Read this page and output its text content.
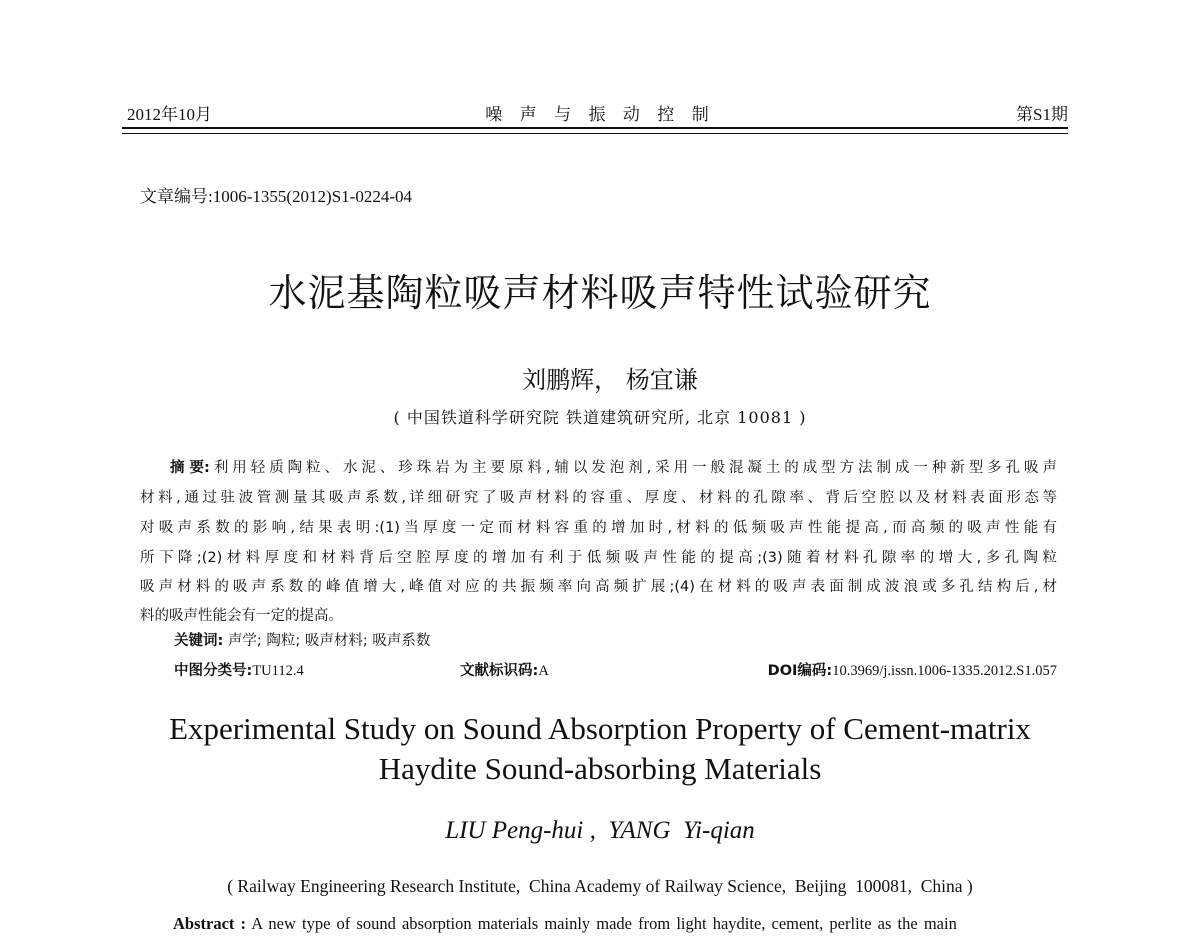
2012年10月	噪 声 与 振 动 控 制	第S1期
文章编号:1006-1355(2012)S1-0224-04
水泥基陶粒吸声材料吸声特性试验研究
刘鹏辉， 杨宜谦
( 中国铁道科学研究院 铁道建筑研究所, 北京 10081 )
摘 要: 利用轻质陶粒、水泥、珍珠岩为主要原料,辅以发泡剂,采用一般混凝土的成型方法制成一种新型多孔吸声
材料,通过驻波管测量其吸声系数,详细研究了吸声材料的容重、厚度、材料的孔隙率、背后空腔以及材料表面形态等
对吸声系数的影响,结果表明:(1)当厚度一定而材料容重的增加时,材料的低频吸声性能提高,而高频的吸声性能有
所下降;(2)材料厚度和材料背后空腔厚度的增加有利于低频吸声性能的提高;(3)随着材料孔隙率的增大,多孔陶粒
吸声材料的吸声系数的峰值增大,峰值对应的共振频率向高频扩展;(4)在材料的吸声表面制成波浪或多孔结构后,材
料的吸声性能会有一定的提高。
关键词: 声学; 陶粒; 吸声材料; 吸声系数
中图分类号:TU112.4	文献标识码:A	DOI编码:10.3969/j.issn.1006-1335.2012.S1.057
Experimental Study on Sound Absorption Property of Cement-matrix
Haydite Sound-absorbing Materials
LIU Peng-hui ,  YANG  Yi-qian
( Railway Engineering Research Institute,  China Academy of Railway Science,  Beijing  100081,  China )
Abstract : A new type of sound absorption materials mainly made from light haydite, cement, perlite as the main
